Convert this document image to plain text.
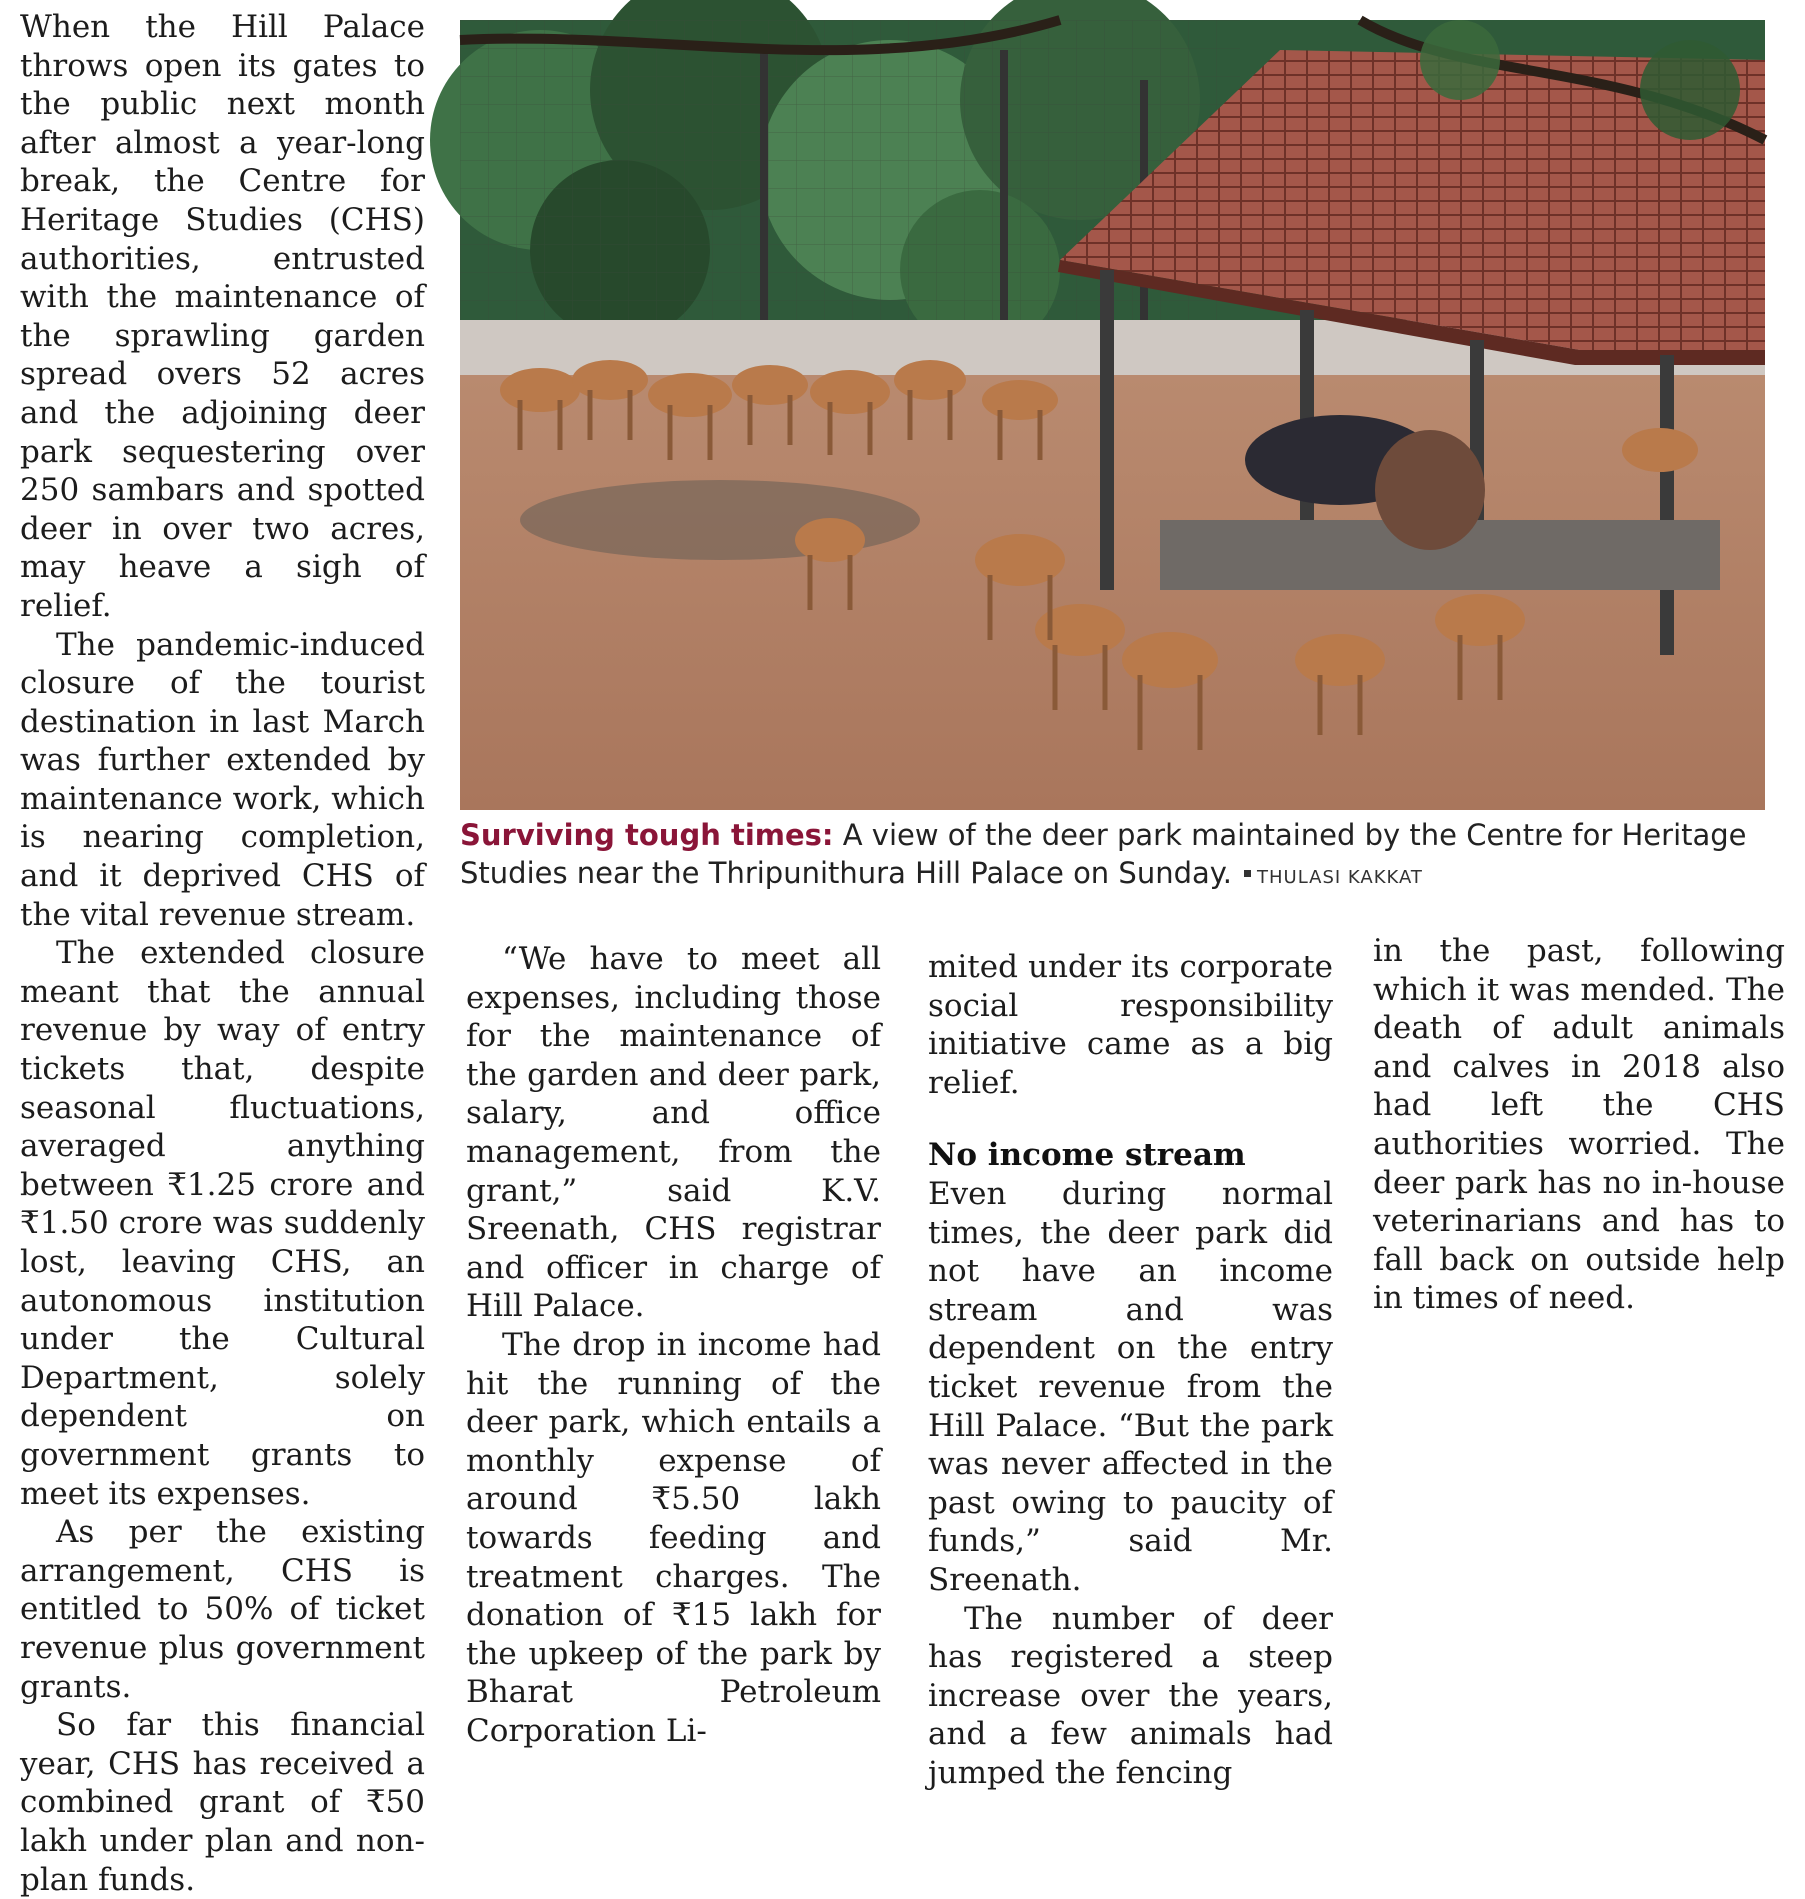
When the Hill Palace throws open its gates to the public next month after almost a year-long break, the Centre for Heritage Studies (CHS) authorities, entrusted with the maintenance of the sprawling garden spread overs 52 acres and the adjoining deer park sequestering over 250 sambars and spotted deer in over two acres, may heave a sigh of relief.

The pandemic-induced closure of the tourist destination in last March was further extended by maintenance work, which is nearing completion, and it deprived CHS of the vital revenue stream.

The extended closure meant that the annual revenue by way of entry tickets that, despite seasonal fluctuations, averaged anything between ₹1.25 crore and ₹1.50 crore was suddenly lost, leaving CHS, an autonomous institution under the Cultural Department, solely dependent on government grants to meet its expenses.

As per the existing arrangement, CHS is entitled to 50% of ticket revenue plus government grants.

So far this financial year, CHS has received a combined grant of ₹50 lakh under plan and non-plan funds.

Surviving tough times: A view of the deer park maintained by the Centre for Heritage Studies near the Thripunithura Hill Palace on Sunday. THULASI KAKKAT

“We have to meet all expenses, including those for the maintenance of the garden and deer park, salary, and office management, from the grant,” said K.V. Sreenath, CHS registrar and officer in charge of Hill Palace.

The drop in income had hit the running of the deer park, which entails a monthly expense of around ₹5.50 lakh towards feeding and treatment charges. The donation of ₹15 lakh for the upkeep of the park by Bharat Petroleum Corporation Li-

mited under its corporate social responsibility initiative came as a big relief.

No income stream

Even during normal times, the deer park did not have an income stream and was dependent on the entry ticket revenue from the Hill Palace. “But the park was never affected in the past owing to paucity of funds,” said Mr. Sreenath.

The number of deer has registered a steep increase over the years, and a few animals had jumped the fencing

in the past, following which it was mended. The death of adult animals and calves in 2018 also had left the CHS authorities worried. The deer park has no in-house veterinarians and has to fall back on outside help in times of need.
